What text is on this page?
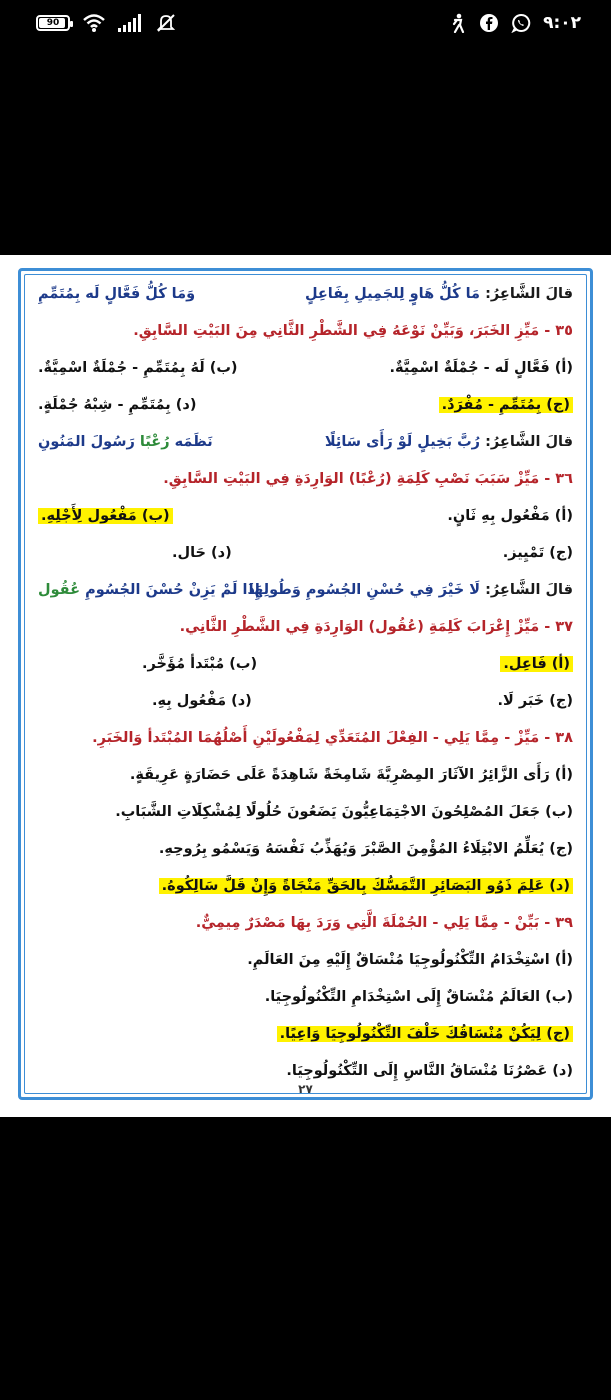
90	٩:٠٢
قالَ الشَّاعِرُ: مَا كُلُّ هَاوٍ لِلجَمِيلِ بِفَاعِلٍ
وَمَا كُلُّ فَعَّالٍ لَه بِمُتَمِّمِ
٣٥ - مَيِّزِ الخَبَرَ، وَبَيِّنْ نَوْعَهُ فِي الشَّطْرِ الثَّانِي مِنَ البَيْتِ السَّابِقِ.
(أ) فَعَّالٍ لَه - جُمْلَةٌ اسْمِيَّةٌ.
(ب) لَهُ بِمُتَمِّمِ - جُمْلَةٌ اسْمِيَّةٌ.
(ج) بِمُتَمِّمِ - مُفْرَدٌ.
(د) بِمُتَمِّمِ - شِبْهُ جُمْلَةٍ.
قالَ الشَّاعِرُ: رُبَّ بَخِيلٍ لَوْ رَأَى سَائِلًا
نَظَمَه رُعْبًا رَسُولَ المَنُونِ
٣٦ - مَيِّزْ سَبَبَ نَصْبِ كَلِمَةِ (رُعْبًا) الوَارِدَةِ فِي البَيْتِ السَّابِقِ.
(أ) مَفْعُول بِهِ ثَانٍ.
(ب) مَفْعُول لِأَجْلِهِ.
(ج) تَمْيِيز.
(د) حَال.
قالَ الشَّاعِرُ: لَا خَيْرَ فِي حُسْنِ الجُسُومِ وَطُولِهَا
إِذَا لَمْ يَزِنْ حُسْنَ الجُسُومِ عُقُول
٣٧ - مَيِّزْ إِعْرَابَ كَلِمَةِ (عُقُول) الوَارِدَةِ فِي الشَّطْرِ الثَّانِي.
(أ) فَاعِل.
(ب) مُبْتَدأ مُؤَخَّر.
(ج) خَبَر لَا.
(د) مَفْعُول بِهِ.
٣٨ - مَيِّزْ - مِمَّا يَلِي - الفِعْلَ المُتَعَدِّي لِمَفْعُولَيْنِ أَصْلُهُمَا المُبْتَدأ وَالخَبَرِ.
(أ) رَأَى الزَّائِرُ الآثَارَ المِصْرِيَّةَ شَامِخَةً شَاهِدَةً عَلَى حَضَارَةٍ عَرِيقَةٍ.
(ب) جَعَلَ المُصْلِحُونَ الاجْتِمَاعِيُّونَ يَضَعُونَ حُلُولًا لِمُشْكِلَاتِ الشَّبَابِ.
(ج) يُعَلِّمُ الابْتِلَاءُ المُؤْمِنَ الصَّبْرَ وَيُهَذِّبُ نَفْسَهُ وَيَسْمُو بِرُوحِهِ.
(د) عَلِمَ ذَوُو البَصَائِرِ التَّمَسُّكَ بِالحَقِّ مَنْجَاةً وَإِنْ قَلَّ سَالِكُوهُ.
٣٩ - بَيِّنْ - مِمَّا يَلِي - الجُمْلَةَ الَّتِي وَرَدَ بِهَا مَصْدَرٌ مِيمِيٌّ.
(أ) اسْتِخْدَامُ التِّكْنُولُوجِيَا مُنْسَاقٌ إِلَيْهِ مِنَ العَالَمِ.
(ب) العَالَمُ مُنْسَاقٌ إِلَى اسْتِخْدَامِ التِّكْنُولُوجِيَا.
(ج) لِيَكُنْ مُنْسَاقُكَ خَلْفَ التِّكْنُولُوجِيَا وَاعِيًا.
(د) عَصْرُنَا مُنْسَاقُ النَّاسِ إِلَى التِّكْنُولُوجِيَا.
٢٧
